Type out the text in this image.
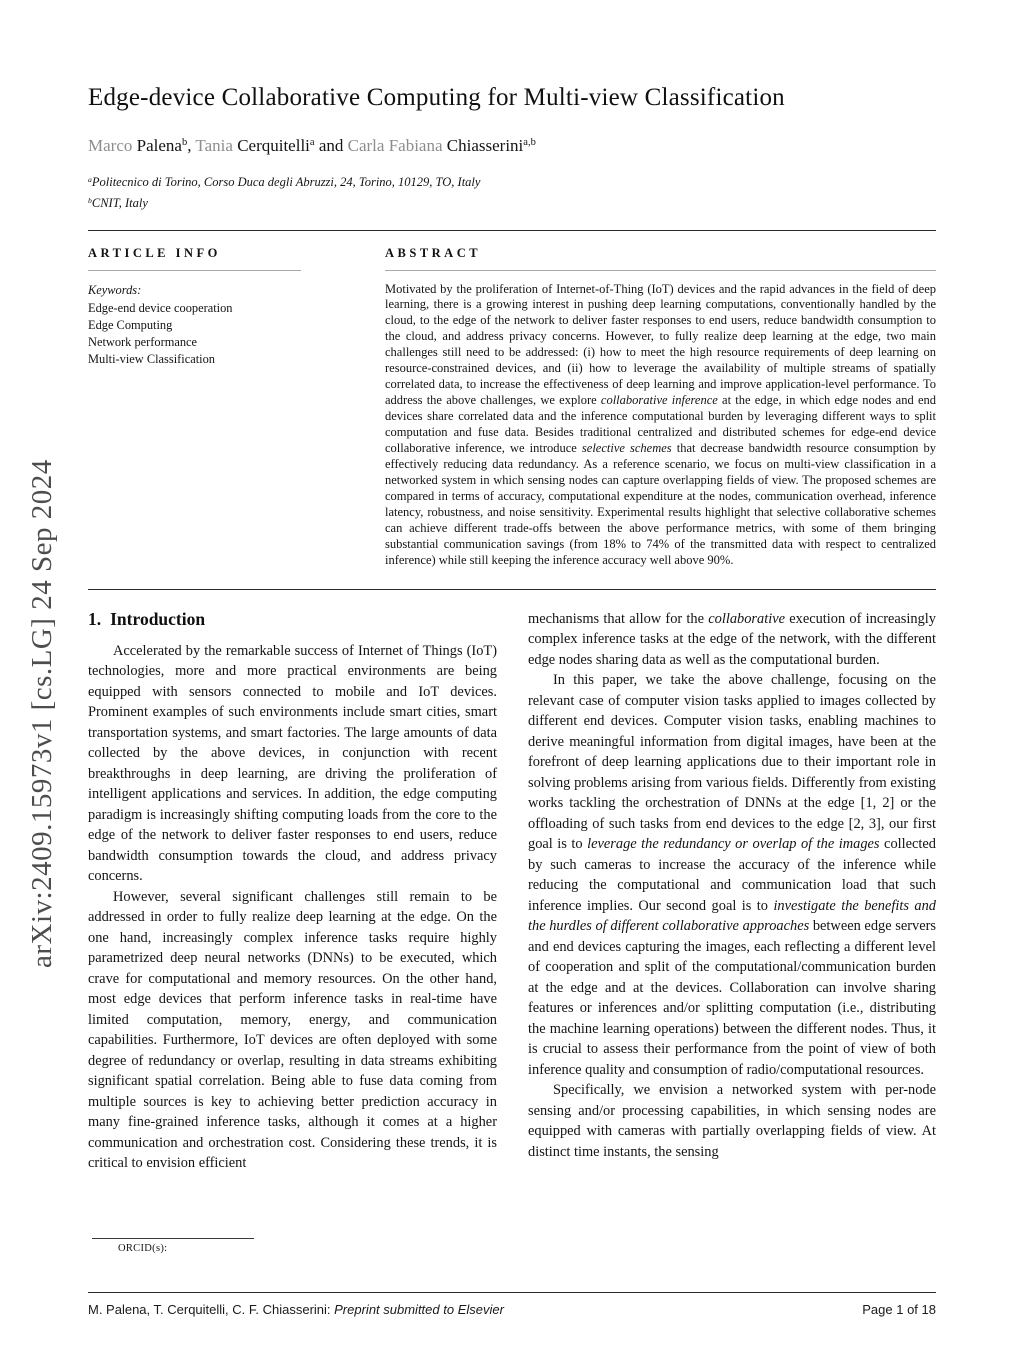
arXiv:2409.15973v1 [cs.LG] 24 Sep 2024
Edge-device Collaborative Computing for Multi-view Classification
Marco Palena$^b$, Tania Cerquitelli$^a$ and Carla Fabiana Chiasserini$^{a,b}$
$^a$Politecnico di Torino, Corso Duca degli Abruzzi, 24, Torino, 10129, TO, Italy
$^b$CNIT, Italy
ARTICLE INFO
Keywords:
Edge-end device cooperation
Edge Computing
Network performance
Multi-view Classification
ABSTRACT
Motivated by the proliferation of Internet-of-Thing (IoT) devices and the rapid advances in the field of deep learning, there is a growing interest in pushing deep learning computations, conventionally handled by the cloud, to the edge of the network to deliver faster responses to end users, reduce bandwidth consumption to the cloud, and address privacy concerns. However, to fully realize deep learning at the edge, two main challenges still need to be addressed: (i) how to meet the high resource requirements of deep learning on resource-constrained devices, and (ii) how to leverage the availability of multiple streams of spatially correlated data, to increase the effectiveness of deep learning and improve application-level performance. To address the above challenges, we explore collaborative inference at the edge, in which edge nodes and end devices share correlated data and the inference computational burden by leveraging different ways to split computation and fuse data. Besides traditional centralized and distributed schemes for edge-end device collaborative inference, we introduce selective schemes that decrease bandwidth resource consumption by effectively reducing data redundancy. As a reference scenario, we focus on multi-view classification in a networked system in which sensing nodes can capture overlapping fields of view. The proposed schemes are compared in terms of accuracy, computational expenditure at the nodes, communication overhead, inference latency, robustness, and noise sensitivity. Experimental results highlight that selective collaborative schemes can achieve different trade-offs between the above performance metrics, with some of them bringing substantial communication savings (from 18% to 74% of the transmitted data with respect to centralized inference) while still keeping the inference accuracy well above 90%.
1. Introduction

Accelerated by the remarkable success of Internet of Things (IoT) technologies, more and more practical environments are being equipped with sensors connected to mobile and IoT devices. Prominent examples of such environments include smart cities, smart transportation systems, and smart factories. The large amounts of data collected by the above devices, in conjunction with recent breakthroughs in deep learning, are driving the proliferation of intelligent applications and services. In addition, the edge computing paradigm is increasingly shifting computing loads from the core to the edge of the network to deliver faster responses to end users, reduce bandwidth consumption towards the cloud, and address privacy concerns.

However, several significant challenges still remain to be addressed in order to fully realize deep learning at the edge. On the one hand, increasingly complex inference tasks require highly parametrized deep neural networks (DNNs) to be executed, which crave for computational and memory resources. On the other hand, most edge devices that perform inference tasks in real-time have limited computation, memory, energy, and communication capabilities. Furthermore, IoT devices are often deployed with some degree of redundancy or overlap, resulting in data streams exhibiting significant spatial correlation. Being able to fuse data coming from multiple sources is key to achieving better prediction accuracy in many fine-grained inference tasks, although it comes at a higher communication and orchestration cost. Considering these trends, it is critical to envision efficient

mechanisms that allow for the collaborative execution of increasingly complex inference tasks at the edge of the network, with the different edge nodes sharing data as well as the computational burden.

In this paper, we take the above challenge, focusing on the relevant case of computer vision tasks applied to images collected by different end devices. Computer vision tasks, enabling machines to derive meaningful information from digital images, have been at the forefront of deep learning applications due to their important role in solving problems arising from various fields. Differently from existing works tackling the orchestration of DNNs at the edge [1, 2] or the offloading of such tasks from end devices to the edge [2, 3], our first goal is to leverage the redundancy or overlap of the images collected by such cameras to increase the accuracy of the inference while reducing the computational and communication load that such inference implies. Our second goal is to investigate the benefits and the hurdles of different collaborative approaches between edge servers and end devices capturing the images, each reflecting a different level of cooperation and split of the computational/communication burden at the edge and at the devices. Collaboration can involve sharing features or inferences and/or splitting computation (i.e., distributing the machine learning operations) between the different nodes. Thus, it is crucial to assess their performance from the point of view of both inference quality and consumption of radio/computational resources.

Specifically, we envision a networked system with per-node sensing and/or processing capabilities, in which sensing nodes are equipped with cameras with partially overlapping fields of view. At distinct time instants, the sensing

ORCID(s):
M. Palena, T. Cerquitelli, C. F. Chiasserini: Preprint submitted to Elsevier	Page 1 of 18
